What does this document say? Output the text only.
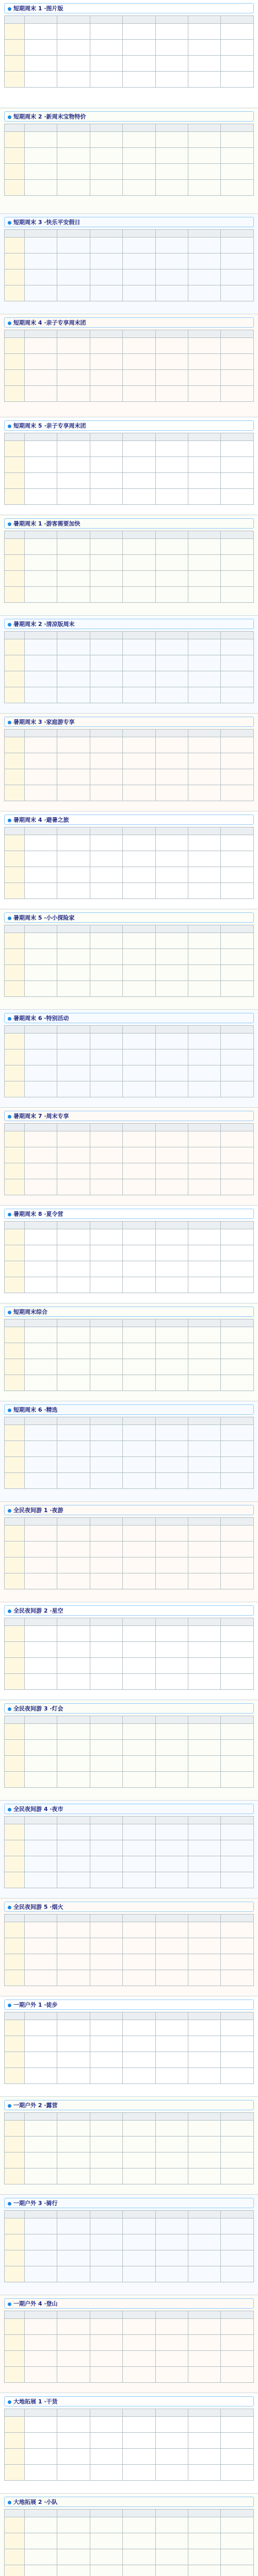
短期周末 1 ·图片版

短期周末 2 ·新周末宝物特价

短期周末 3 ·快乐平安假日

短期周末 4 ·亲子专享周末团

短期周末 5 ·亲子专享周末团

暑期周末 1 ·游客需要加快

暑期周末 2 ·清凉版周末

暑期周末 3 ·家庭游专享

暑期周末 4 ·避暑之旅

暑期周末 5 ·小小探险家

暑期周末 6 ·特别活动

暑期周末 7 ·周末专享

暑期周末 8 ·夏令营

短期周末综合

短期周末 6 ·精选

全民夜间游 1 ·夜游

全民夜间游 2 ·星空

全民夜间游 3 ·灯会

全民夜间游 4 ·夜市

全民夜间游 5 ·烟火

一期户外 1 ·徒步

一期户外 2 ·露营

一期户外 3 ·骑行

一期户外 4 ·登山

大地拓展 1 ·干货

大地拓展 2 ·小队
